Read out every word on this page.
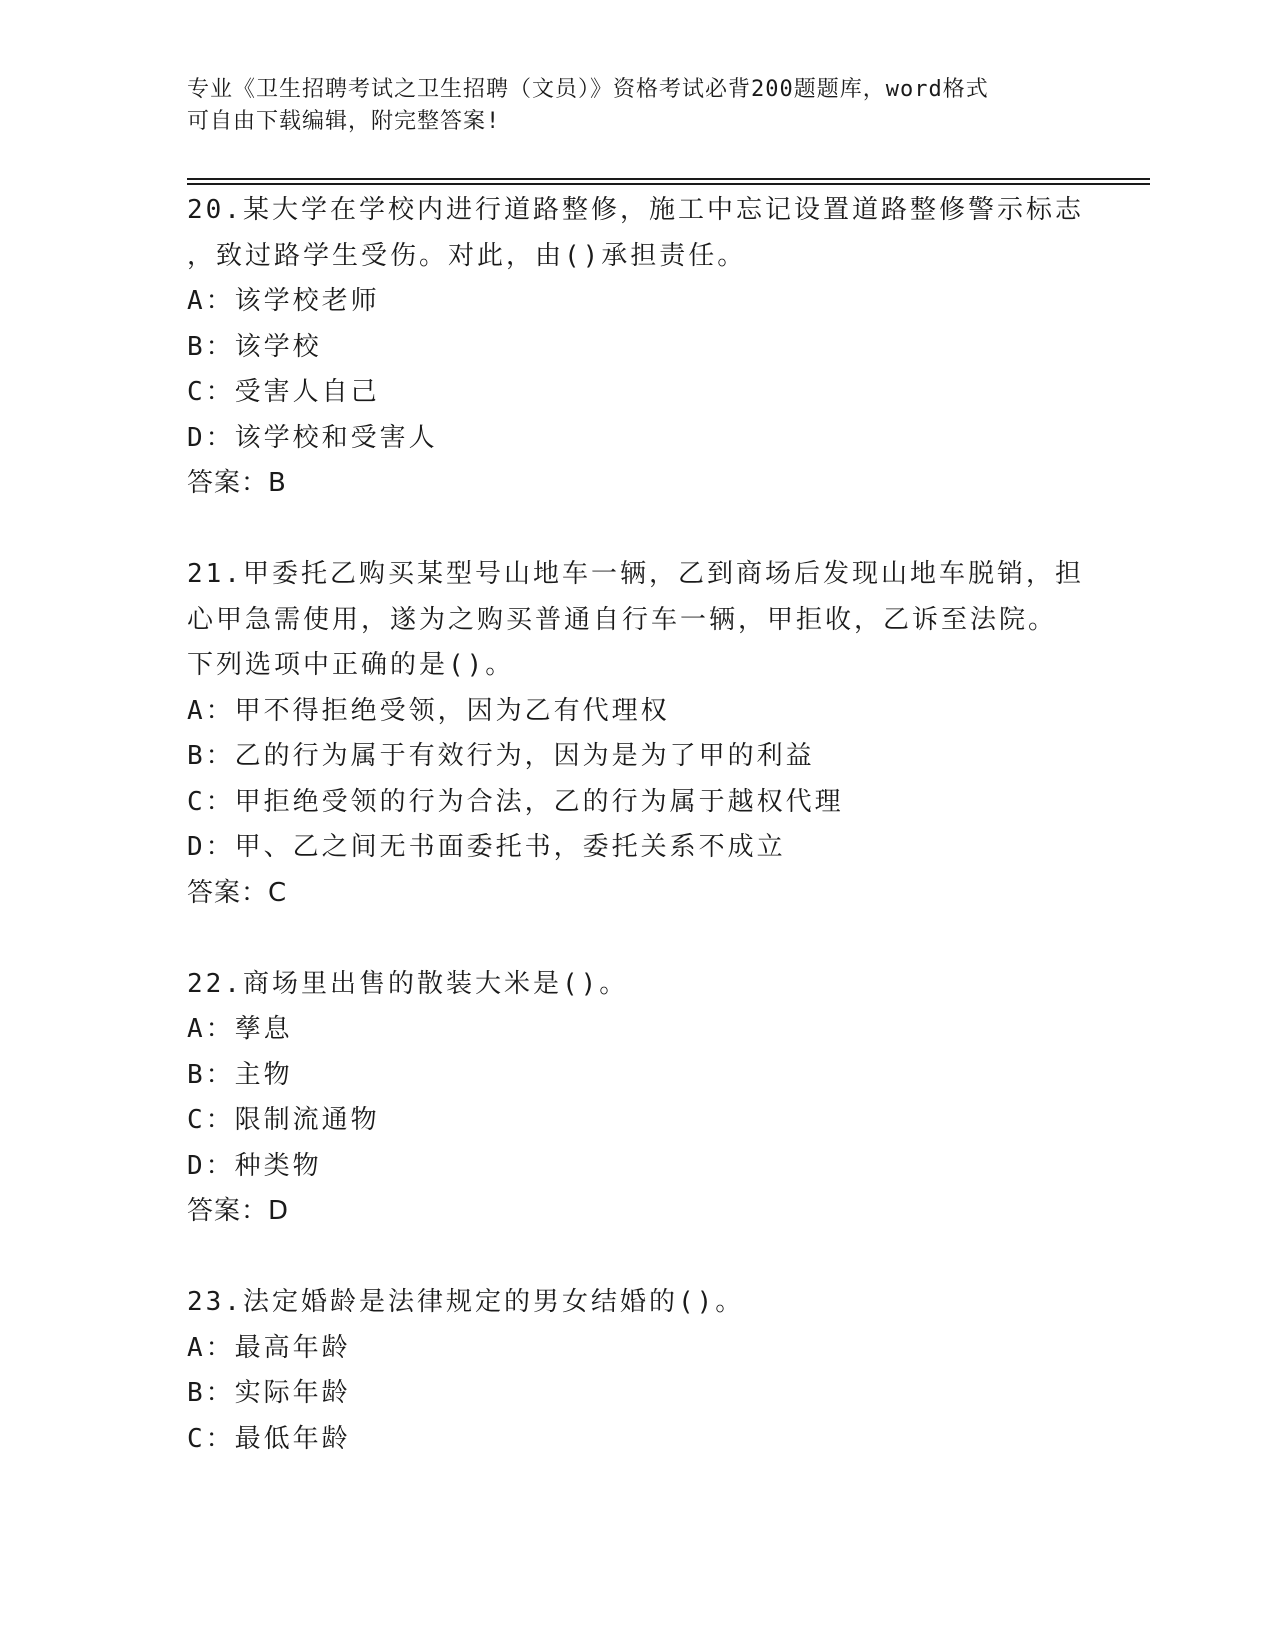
专业《卫生招聘考试之卫生招聘（文员）》资格考试必背200题题库，word格式
可自由下载编辑，附完整答案!
20.某大学在学校内进行道路整修，施工中忘记设置道路整修警示标志
，致过路学生受伤。对此，由()承担责任。
A：该学校老师
B：该学校
C：受害人自己
D：该学校和受害人
答案：B
21.甲委托乙购买某型号山地车一辆，乙到商场后发现山地车脱销，担
心甲急需使用，遂为之购买普通自行车一辆，甲拒收，乙诉至法院。
下列选项中正确的是()。
A：甲不得拒绝受领，因为乙有代理权
B：乙的行为属于有效行为，因为是为了甲的利益
C：甲拒绝受领的行为合法，乙的行为属于越权代理
D：甲、乙之间无书面委托书，委托关系不成立
答案：C
22.商场里出售的散装大米是()。
A：孳息
B：主物
C：限制流通物
D：种类物
答案：D
23.法定婚龄是法律规定的男女结婚的()。
A：最高年龄
B：实际年龄
C：最低年龄
